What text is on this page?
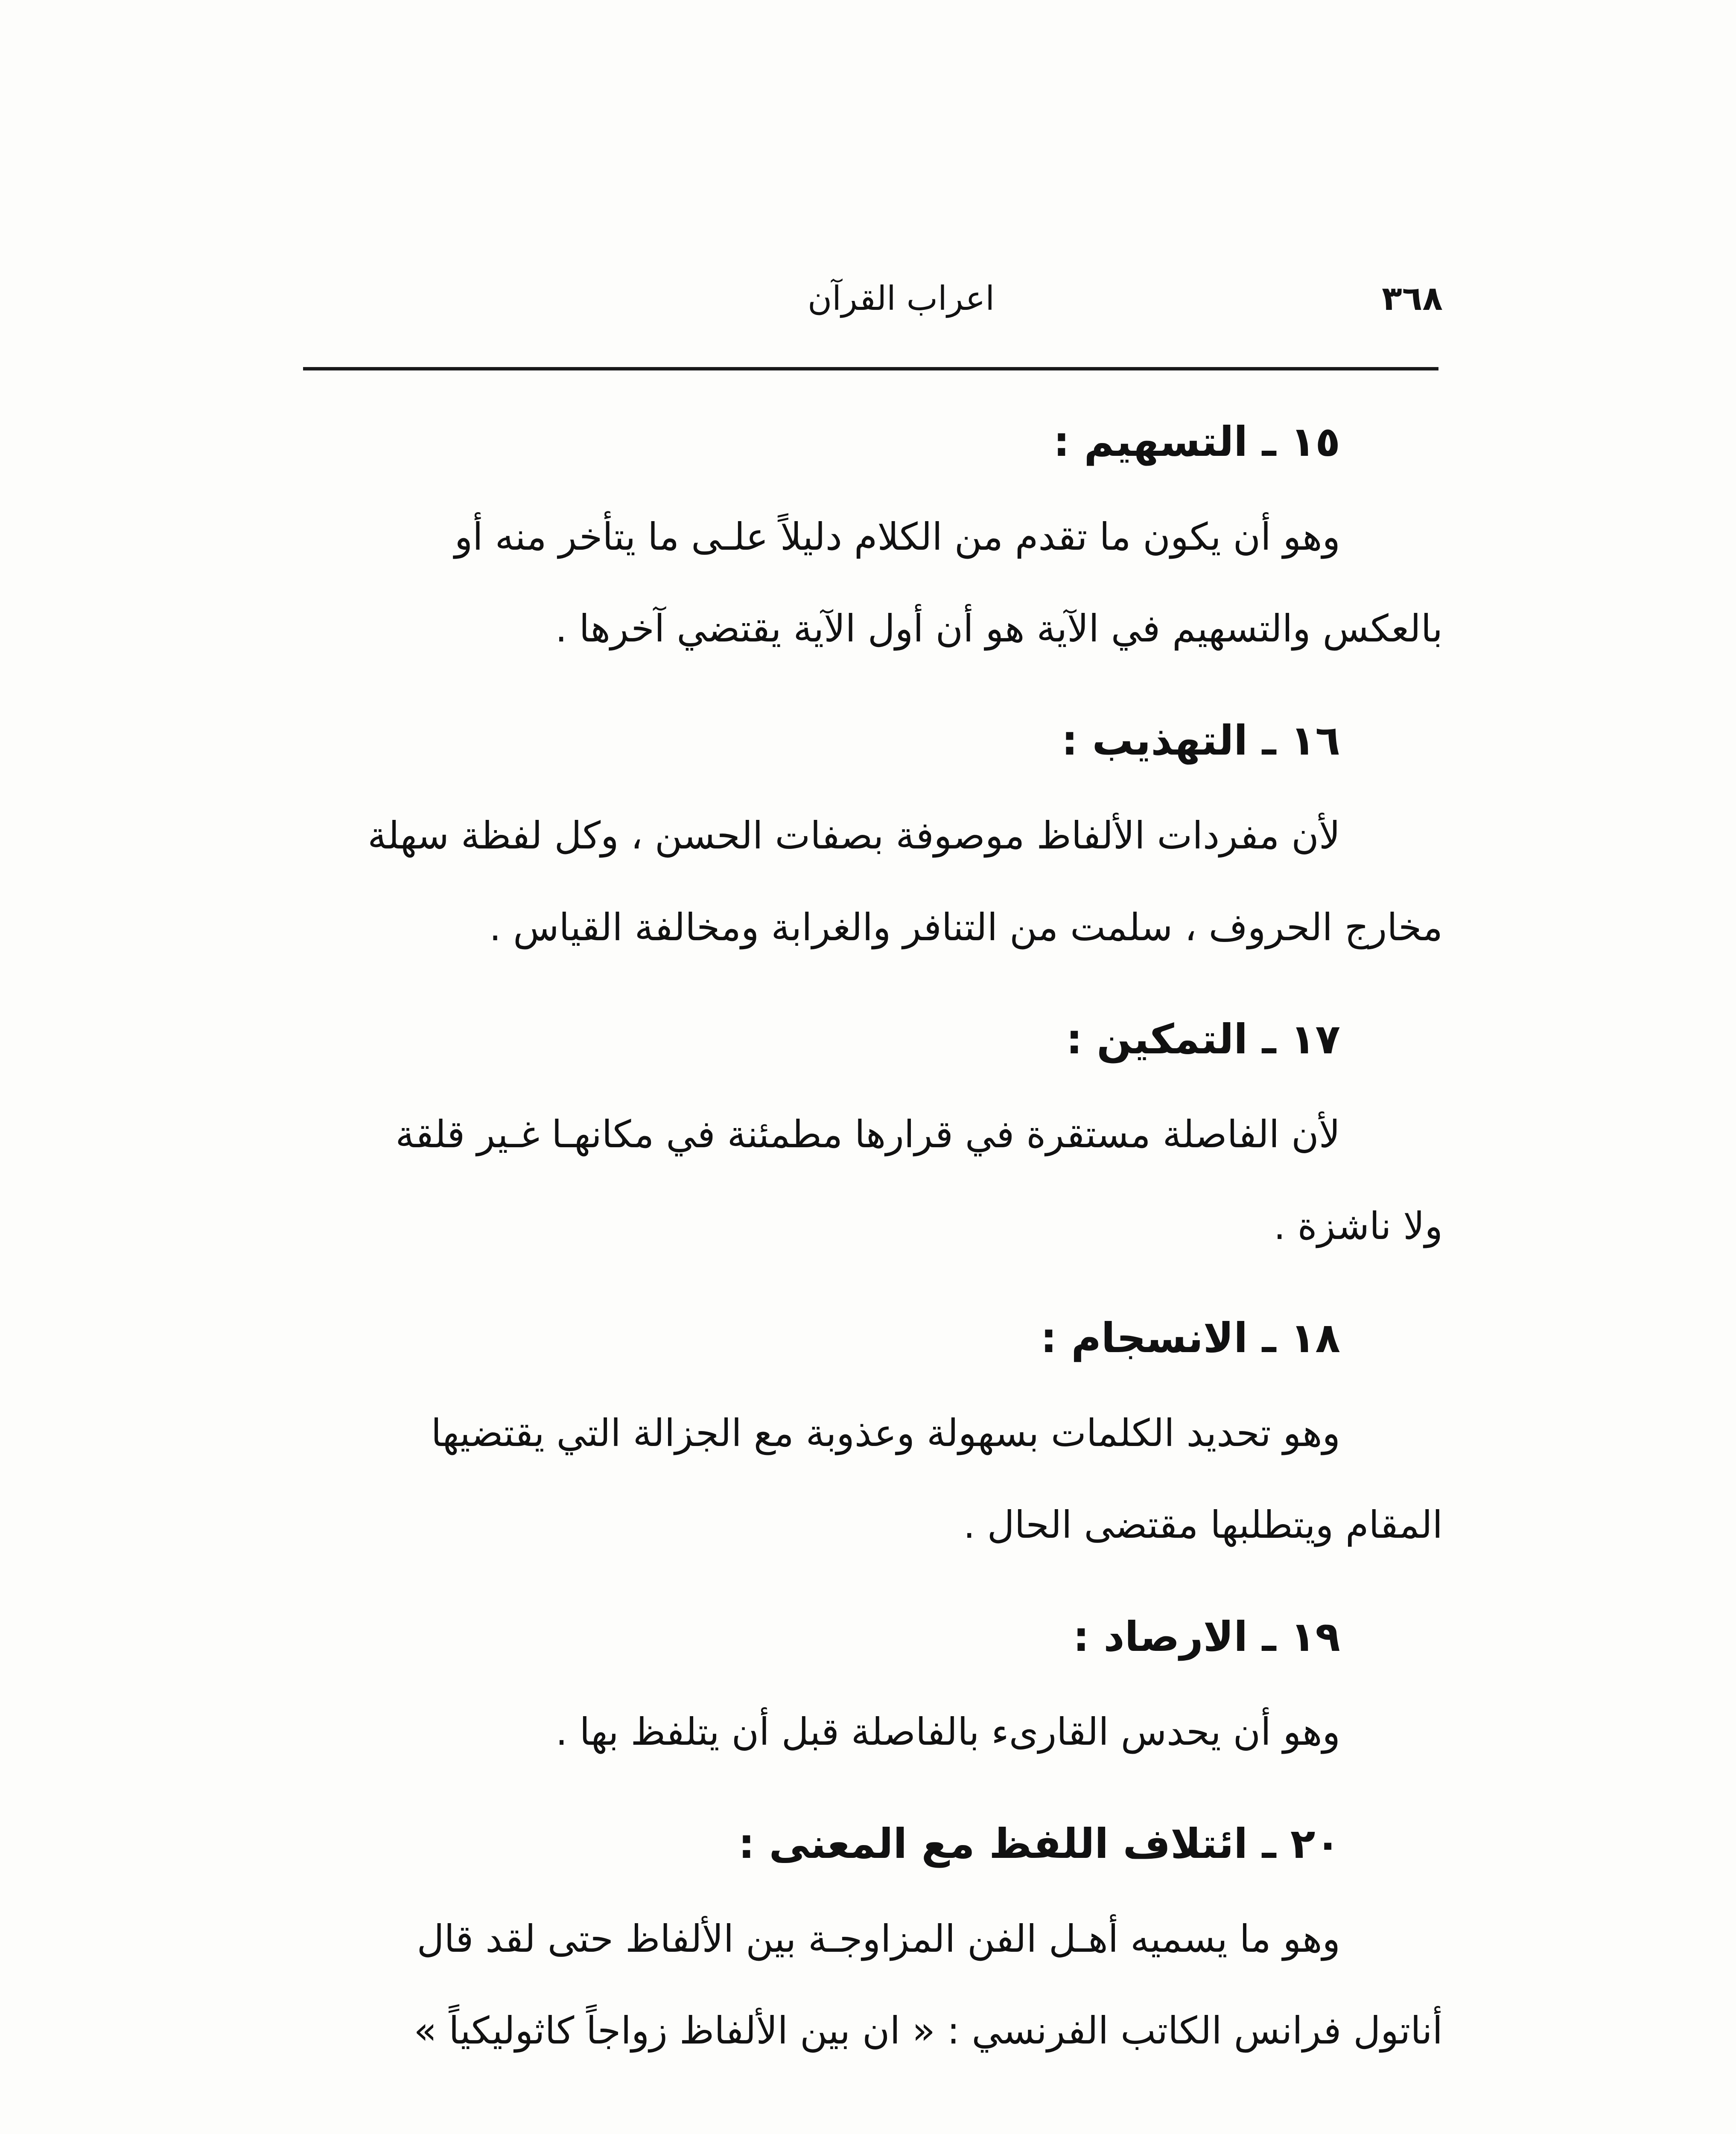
٣٦٨
اعراب القرآن
١٥ ـ التسهيم :
وهو أن يكون ما تقدم من الكلام دليلاً علـى ما يتأخر منه أو
بالعكس والتسهيم في الآية هو أن أول الآية يقتضي آخرها .
١٦ ـ التهذيب :
لأن مفردات الألفاظ موصوفة بصفات الحسن ، وكل لفظة سهلة
مخارج الحروف ، سلمت من التنافر والغرابة ومخالفة القياس .
١٧ ـ التمكين :
لأن الفاصلة مستقرة في قرارها مطمئنة في مكانهـا غـير قلقة
ولا ناشزة .
١٨ ـ الانسجام :
وهو تحديد الكلمات بسهولة وعذوبة مع الجزالة التي يقتضيها
المقام ويتطلبها مقتضى الحال .
١٩ ـ الارصاد :
وهو أن يحدس القارىء بالفاصلة قبل أن يتلفظ بها .
٢٠ ـ ائتلاف اللفظ مع المعنى :
وهو ما يسميه أهـل الفن المزاوجـة بين الألفاظ حتى لقد قال
أناتول فرانس الكاتب الفرنسي : « ان بين الألفاظ زواجاً كاثوليكياً »
